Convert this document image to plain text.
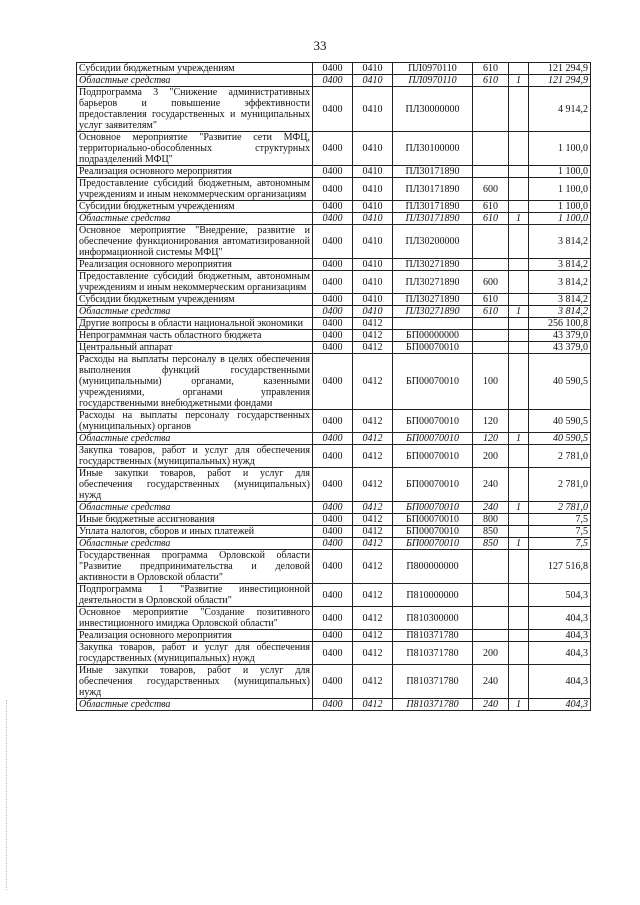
33
Субсидии бюджетным учреждениям	0400	0410	ПЛ0970110	610		121 294,9
Областные средства	0400	0410	ПЛ0970110	610	1	121 294,9
Подпрограмма 3 "Снижение административных барьеров и повышение эффективности предоставления государственных и муниципальных услуг заявителям"	0400	0410	ПЛ30000000			4 914,2
Основное мероприятие "Развитие сети МФЦ, территориально-обособленных структурных подразделений МФЦ"	0400	0410	ПЛ30100000			1 100,0
Реализация основного мероприятия	0400	0410	ПЛ30171890			1 100,0
Предоставление субсидий бюджетным, автономным учреждениям и иным некоммерческим организациям	0400	0410	ПЛ30171890	600		1 100,0
Субсидии бюджетным учреждениям	0400	0410	ПЛ30171890	610		1 100,0
Областные средства	0400	0410	ПЛ30171890	610	1	1 100,0
Основное мероприятие "Внедрение, развитие и обеспечение функционирования автоматизированной информационной системы МФЦ"	0400	0410	ПЛ30200000			3 814,2
Реализация основного мероприятия	0400	0410	ПЛ30271890			3 814,2
Предоставление субсидий бюджетным, автономным учреждениям и иным некоммерческим организациям	0400	0410	ПЛ30271890	600		3 814,2
Субсидии бюджетным учреждениям	0400	0410	ПЛ30271890	610		3 814,2
Областные средства	0400	0410	ПЛ30271890	610	1	3 814,2
Другие вопросы в области национальной экономики	0400	0412				256 100,8
Непрограммная часть областного бюджета	0400	0412	БП00000000			43 379,0
Центральный аппарат	0400	0412	БП00070010			43 379,0
Расходы на выплаты персоналу в целях обеспечения выполнения функций государственными (муниципальными) органами, казенными учреждениями, органами управления государственными внебюджетными фондами	0400	0412	БП00070010	100		40 590,5
Расходы на выплаты персоналу государственных (муниципальных) органов	0400	0412	БП00070010	120		40 590,5
Областные средства	0400	0412	БП00070010	120	1	40 590,5
Закупка товаров, работ и услуг для обеспечения государственных (муниципальных) нужд	0400	0412	БП00070010	200		2 781,0
Иные закупки товаров, работ и услуг для обеспечения государственных (муниципальных) нужд	0400	0412	БП00070010	240		2 781,0
Областные средства	0400	0412	БП00070010	240	1	2 781,0
Иные бюджетные ассигнования	0400	0412	БП00070010	800		7,5
Уплата налогов, сборов и иных платежей	0400	0412	БП00070010	850		7,5
Областные средства	0400	0412	БП00070010	850	1	7,5
Государственная программа Орловской области "Развитие предпринимательства и деловой активности в Орловской области"	0400	0412	П800000000			127 516,8
Подпрограмма 1 "Развитие инвестиционной деятельности в Орловской области"	0400	0412	П810000000			504,3
Основное мероприятие "Создание позитивного инвестиционного имиджа Орловской области"	0400	0412	П810300000			404,3
Реализация основного мероприятия	0400	0412	П810371780			404,3
Закупка товаров, работ и услуг для обеспечения государственных (муниципальных) нужд	0400	0412	П810371780	200		404,3
Иные закупки товаров, работ и услуг для обеспечения государственных (муниципальных) нужд	0400	0412	П810371780	240		404,3
Областные средства	0400	0412	П810371780	240	1	404,3
